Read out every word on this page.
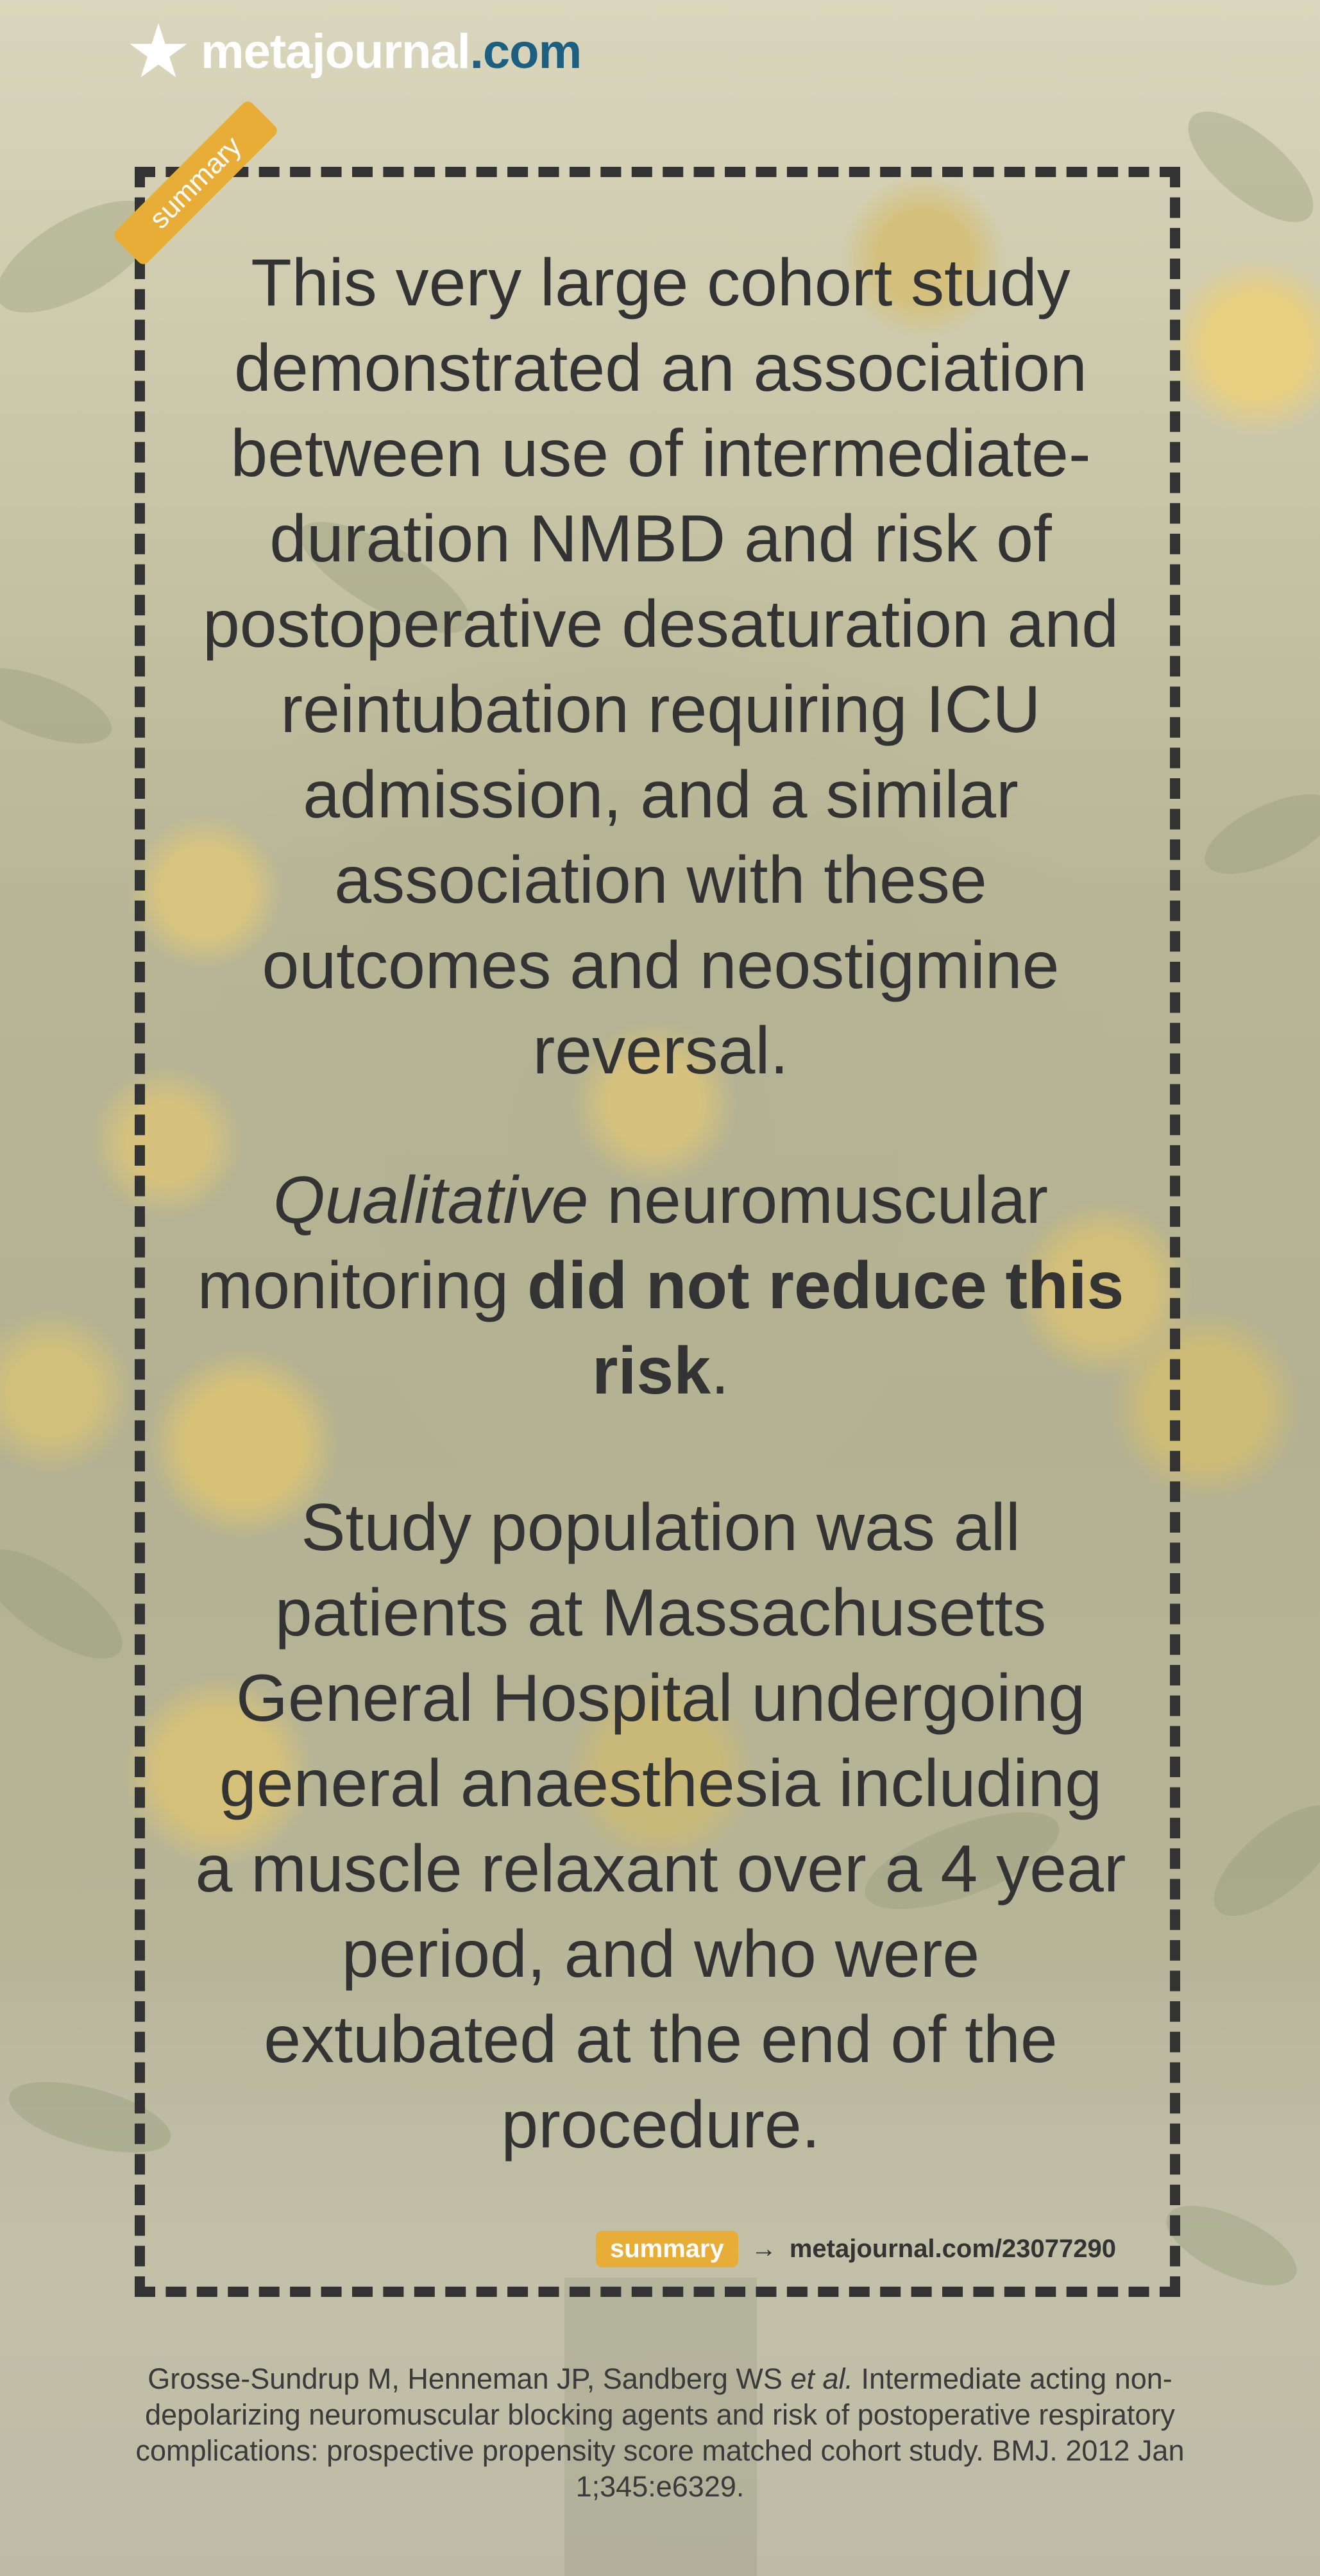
★ metajournal.com
summary
This very large cohort study demonstrated an association between use of intermediate-duration NMBD and risk of postoperative desaturation and reintubation requiring ICU admission, and a similar association with these outcomes and neostigmine reversal.
Qualitative neuromuscular monitoring did not reduce this risk.
Study population was all patients at Massachusetts General Hospital undergoing general anaesthesia including a muscle relaxant over a 4 year period, and who were extubated at the end of the procedure.
summary	→ metajournal.com/23077290
Grosse-Sundrup M, Henneman JP, Sandberg WS et al. Intermediate acting non-depolarizing neuromuscular blocking agents and risk of postoperative respiratory complications: prospective propensity score matched cohort study. BMJ. 2012 Jan 1;345:e6329.
